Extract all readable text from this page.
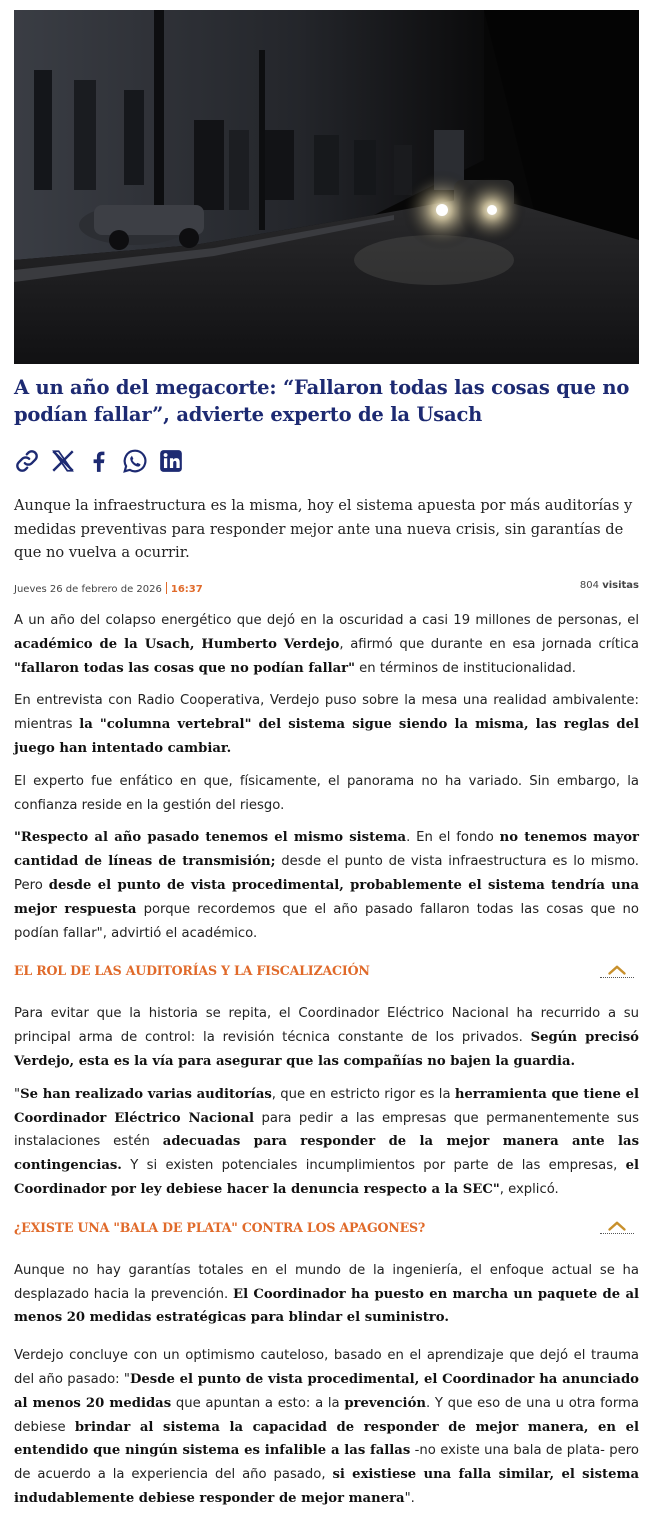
A un año del megacorte: “Fallaron todas las cosas que no podían fallar”, advierte experto de la Usach

Aunque la infraestructura es la misma, hoy el sistema apuesta por más auditorías y medidas preventivas para responder mejor ante una nueva crisis, sin garantías de que no vuelva a ocurrir.

Jueves 26 de febrero de 2026 16:37	804 visitas

A un año del colapso energético que dejó en la oscuridad a casi 19 millones de personas, el académico de la Usach, Humberto Verdejo, afirmó que durante en esa jornada crítica "fallaron todas las cosas que no podían fallar" en términos de institucionalidad.

En entrevista con Radio Cooperativa, Verdejo puso sobre la mesa una realidad ambivalente: mientras la "columna vertebral" del sistema sigue siendo la misma, las reglas del juego han intentado cambiar.

El experto fue enfático en que, físicamente, el panorama no ha variado. Sin embargo, la confianza reside en la gestión del riesgo.

"Respecto al año pasado tenemos el mismo sistema. En el fondo no tenemos mayor cantidad de líneas de transmisión; desde el punto de vista infraestructura es lo mismo. Pero desde el punto de vista procedimental, probablemente el sistema tendría una mejor respuesta porque recordemos que el año pasado fallaron todas las cosas que no podían fallar", advirtió el académico.

EL ROL DE LAS AUDITORÍAS Y LA FISCALIZACIÓN

Para evitar que la historia se repita, el Coordinador Eléctrico Nacional ha recurrido a su principal arma de control: la revisión técnica constante de los privados. Según precisó Verdejo, esta es la vía para asegurar que las compañías no bajen la guardia.

"Se han realizado varias auditorías, que en estricto rigor es la herramienta que tiene el Coordinador Eléctrico Nacional para pedir a las empresas que permanentemente sus instalaciones estén adecuadas para responder de la mejor manera ante las contingencias. Y si existen potenciales incumplimientos por parte de las empresas, el Coordinador por ley debiese hacer la denuncia respecto a la SEC", explicó.

¿EXISTE UNA "BALA DE PLATA" CONTRA LOS APAGONES?

Aunque no hay garantías totales en el mundo de la ingeniería, el enfoque actual se ha desplazado hacia la prevención. El Coordinador ha puesto en marcha un paquete de al menos 20 medidas estratégicas para blindar el suministro.

Verdejo concluye con un optimismo cauteloso, basado en el aprendizaje que dejó el trauma del año pasado: "Desde el punto de vista procedimental, el Coordinador ha anunciado al menos 20 medidas que apuntan a esto: a la prevención. Y que eso de una u otra forma debiese brindar al sistema la capacidad de responder de mejor manera, en el entendido que ningún sistema es infalible a las fallas -no existe una bala de plata- pero de acuerdo a la experiencia del año pasado, si existiese una falla similar, el sistema indudablemente debiese responder de mejor manera".
